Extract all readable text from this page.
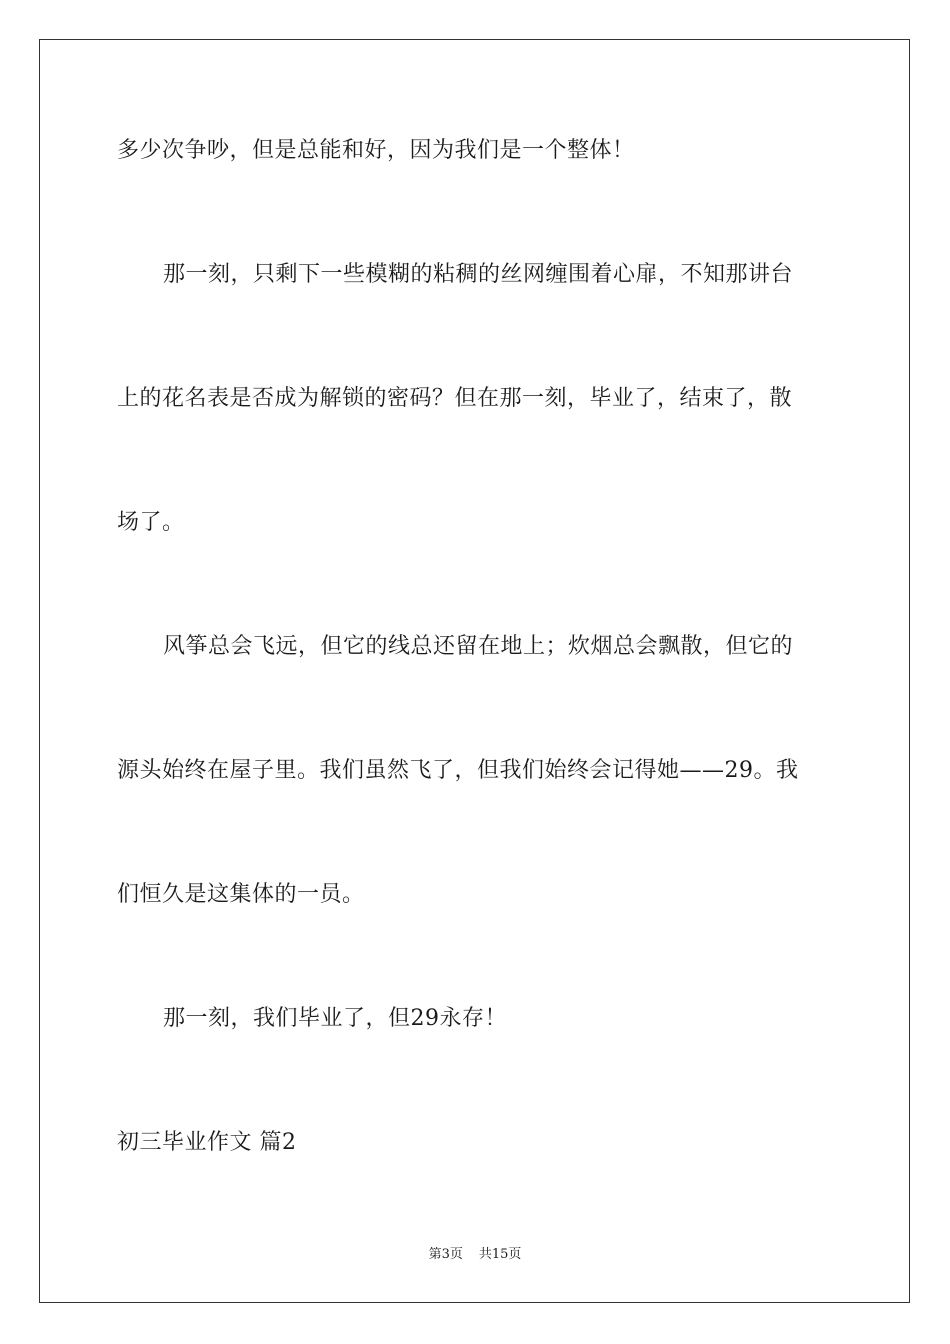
多少次争吵，但是总能和好，因为我们是一个整体！
那一刻，只剩下一些模糊的粘稠的丝网缠围着心扉，不知那讲台
上的花名表是否成为解锁的密码？但在那一刻，毕业了，结束了，散
场了。
风筝总会飞远，但它的线总还留在地上；炊烟总会飘散，但它的
源头始终在屋子里。我们虽然飞了，但我们始终会记得她——29。我
们恒久是这集体的一员。
那一刻，我们毕业了，但29永存！
初三毕业作文 篇2
第3页 共15页
